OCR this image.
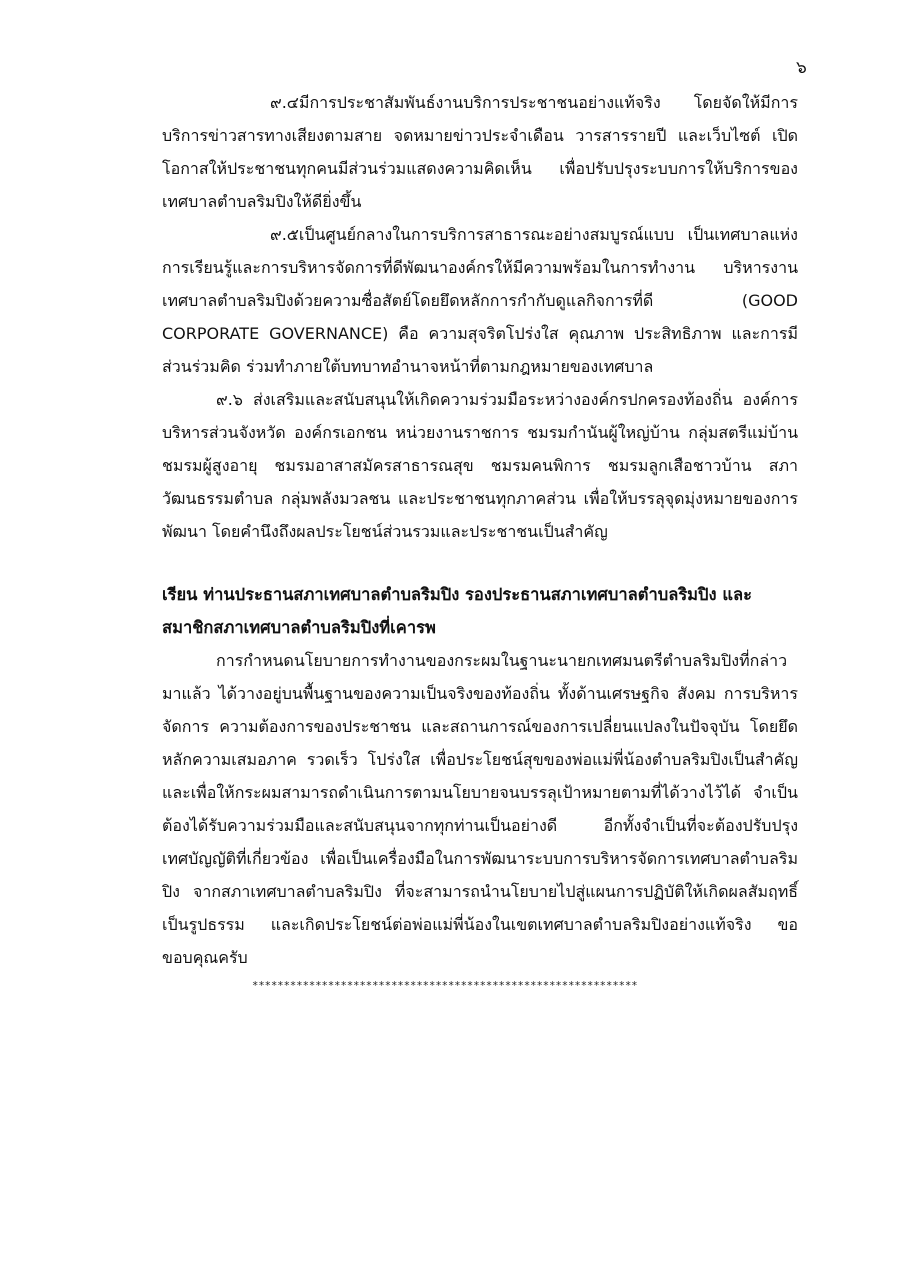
๖

๙.๔มีการประชาสัมพันธ์งานบริการประชาชนอย่างแท้จริง โดยจัดให้มีการบริการข่าวสารทางเสียงตามสาย จดหมายข่าวประจำเดือน วารสารรายปี และเว็บไซต์ เปิดโอกาสให้ประชาชนทุกคนมีส่วนร่วมแสดงความคิดเห็น เพื่อปรับปรุงระบบการให้บริการของเทศบาลตำบลริมปิงให้ดียิ่งขึ้น

๙.๕เป็นศูนย์กลางในการบริการสาธารณะอย่างสมบูรณ์แบบ เป็นเทศบาลแห่งการเรียนรู้และการบริหารจัดการที่ดีพัฒนาองค์กรให้มีความพร้อมในการทำงาน บริหารงานเทศบาลตำบลริมปิงด้วยความซื่อสัตย์โดยยึดหลักการกำกับดูแลกิจการที่ดี (GOOD CORPORATE GOVERNANCE) คือ ความสุจริตโปร่งใส คุณภาพ ประสิทธิภาพ และการมีส่วนร่วมคิด ร่วมทำภายใต้บทบาทอำนาจหน้าที่ตามกฎหมายของเทศบาล

๙.๖ ส่งเสริมและสนับสนุนให้เกิดความร่วมมือระหว่างองค์กรปกครองท้องถิ่น องค์การบริหารส่วนจังหวัด องค์กรเอกชน หน่วยงานราชการ ชมรมกำนันผู้ใหญ่บ้าน กลุ่มสตรีแม่บ้าน ชมรมผู้สูงอายุ ชมรมอาสาสมัครสาธารณสุข ชมรมคนพิการ ชมรมลูกเสือชาวบ้าน สภาวัฒนธรรมตำบล กลุ่มพลังมวลชน และประชาชนทุกภาคส่วน เพื่อให้บรรลุจุดมุ่งหมายของการพัฒนา โดยคำนึงถึงผลประโยชน์ส่วนรวมและประชาชนเป็นสำคัญ

เรียน ท่านประธานสภาเทศบาลตำบลริมปิง รองประธานสภาเทศบาลตำบลริมปิง และสมาชิกสภาเทศบาลตำบลริมปิงที่เคารพ

การกำหนดนโยบายการทำงานของกระผมในฐานะนายกเทศมนตรีตำบลริมปิงที่กล่าวมาแล้ว ได้วางอยู่บนพื้นฐานของความเป็นจริงของท้องถิ่น ทั้งด้านเศรษฐกิจ สังคม การบริหารจัดการ ความต้องการของประชาชน และสถานการณ์ของการเปลี่ยนแปลงในปัจจุบัน โดยยึดหลักความเสมอภาค รวดเร็ว โปร่งใส เพื่อประโยชน์สุขของพ่อแม่พี่น้องตำบลริมปิงเป็นสำคัญ และเพื่อให้กระผมสามารถดำเนินการตามนโยบายจนบรรลุเป้าหมายตามที่ได้วางไว้ได้ จำเป็นต้องได้รับความร่วมมือและสนับสนุนจากทุกท่านเป็นอย่างดี อีกทั้งจำเป็นที่จะต้องปรับปรุงเทศบัญญัติที่เกี่ยวข้อง เพื่อเป็นเครื่องมือในการพัฒนาระบบการบริหารจัดการเทศบาลตำบลริมปิง จากสภาเทศบาลตำบลริมปิง ที่จะสามารถนำนโยบายไปสู่แผนการปฏิบัติให้เกิดผลสัมฤทธิ์ เป็นรูปธรรม และเกิดประโยชน์ต่อพ่อแม่พี่น้องในเขตเทศบาลตำบลริมปิงอย่างแท้จริง ขอขอบคุณครับ

*************************************************************
